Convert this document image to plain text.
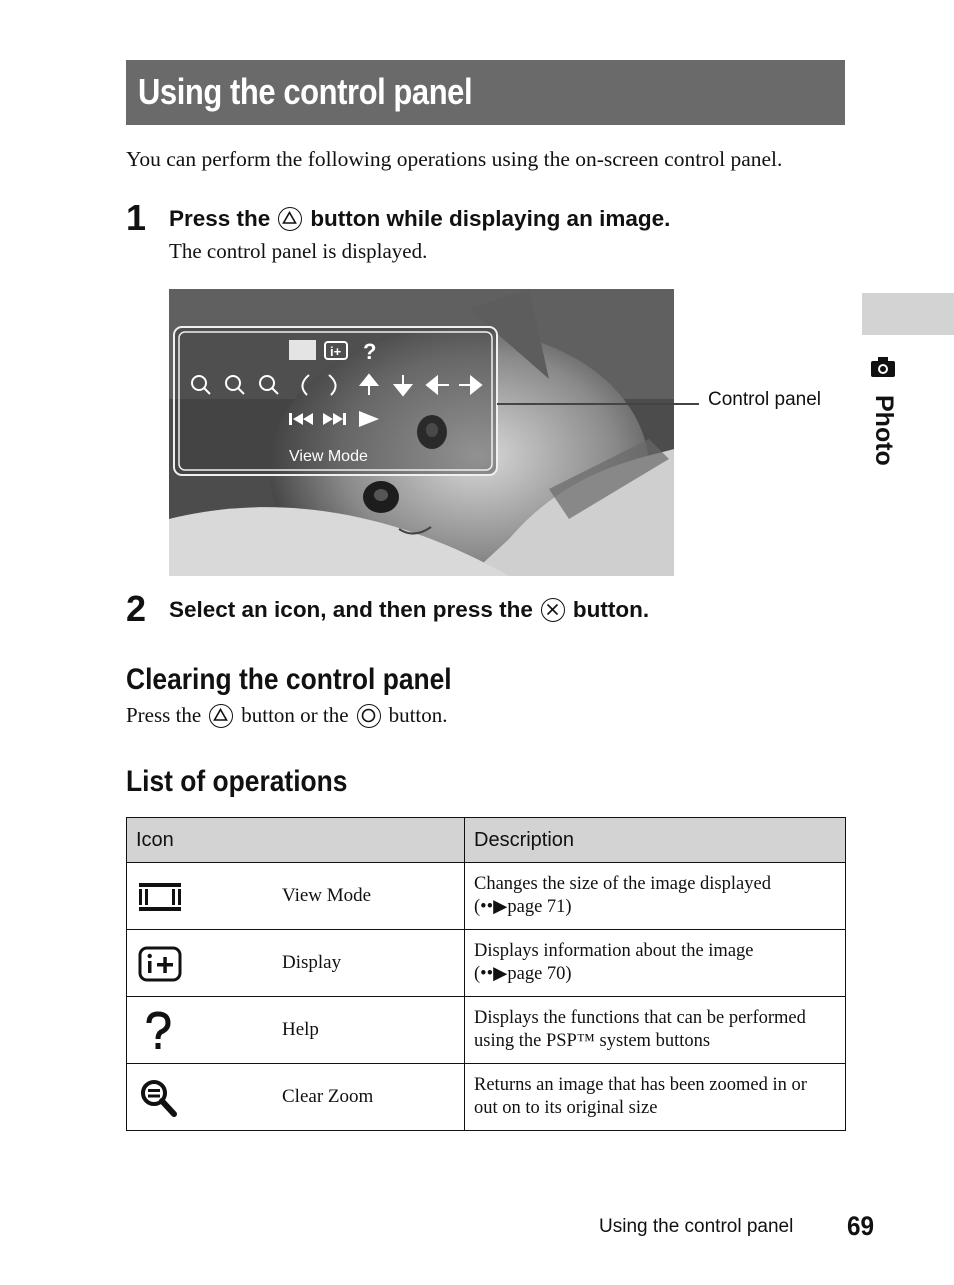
Using the control panel
You can perform the following operations using the on-screen control panel.
1 Press the button while displaying an image.
The control panel is displayed.
i+ ?
View Mode
Control panel
2 Select an icon, and then press the button.
Clearing the control panel
Press the button or the button.
List of operations
Icon	Description

View Mode	Changes the size of the image displayed
(••▶page 71)

Display	Displays information about the image
(••▶page 70)

Help	Displays the functions that can be performed
using the PSP™ system buttons

Clear Zoom	Returns an image that has been zoomed in or
out on to its original size
Photo
Using the control panel 69
